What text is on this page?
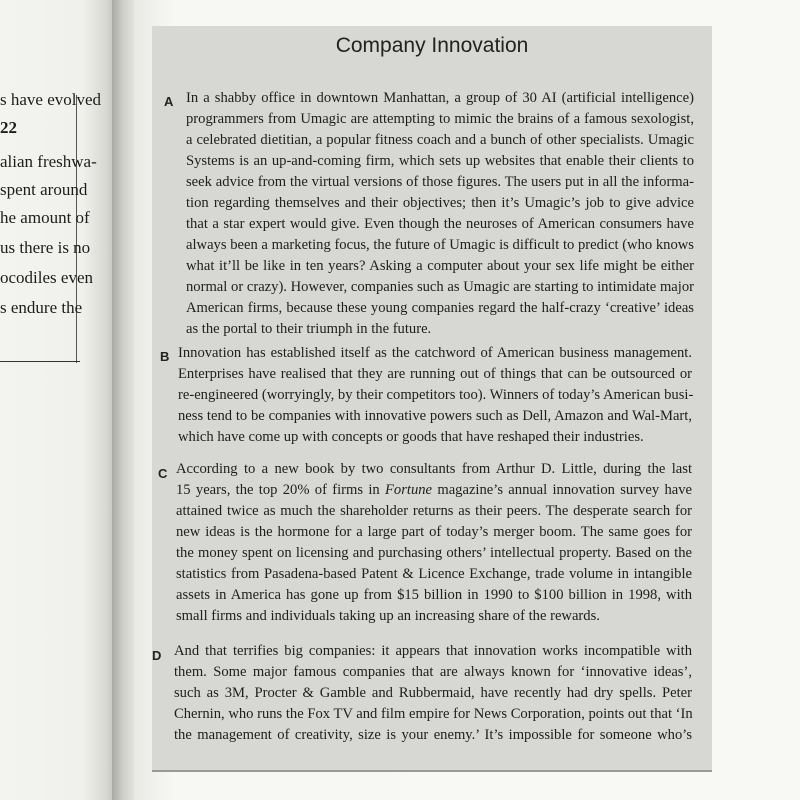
s have evolved
22
alian freshwa-
spent around
he amount of
us there is no
ocodiles even
s endure the
Company Innovation
A In a shabby office in downtown Manhattan, a group of 30 AI (artificial intelligence)
programmers from Umagic are attempting to mimic the brains of a famous sexologist,
a celebrated dietitian, a popular fitness coach and a bunch of other specialists. Umagic
Systems is an up-and-coming firm, which sets up websites that enable their clients to
seek advice from the virtual versions of those figures. The users put in all the informa-
tion regarding themselves and their objectives; then it’s Umagic’s job to give advice
that a star expert would give. Even though the neuroses of American consumers have
always been a marketing focus, the future of Umagic is difficult to predict (who knows
what it’ll be like in ten years? Asking a computer about your sex life might be either
normal or crazy). However, companies such as Umagic are starting to intimidate major
American firms, because these young companies regard the half-crazy ‘creative’ ideas
as the portal to their triumph in the future.
B Innovation has established itself as the catchword of American business management.
Enterprises have realised that they are running out of things that can be outsourced or
re-engineered (worryingly, by their competitors too). Winners of today’s American busi-
ness tend to be companies with innovative powers such as Dell, Amazon and Wal-Mart,
which have come up with concepts or goods that have reshaped their industries.
C According to a new book by two consultants from Arthur D. Little, during the last
15 years, the top 20% of firms in Fortune magazine’s annual innovation survey have
attained twice as much the shareholder returns as their peers. The desperate search for
new ideas is the hormone for a large part of today’s merger boom. The same goes for
the money spent on licensing and purchasing others’ intellectual property. Based on the
statistics from Pasadena-based Patent & Licence Exchange, trade volume in intangible
assets in America has gone up from $15 billion in 1990 to $100 billion in 1998, with
small firms and individuals taking up an increasing share of the rewards.
D And that terrifies big companies: it appears that innovation works incompatible with
them. Some major famous companies that are always known for ‘innovative ideas’,
such as 3M, Procter & Gamble and Rubbermaid, have recently had dry spells. Peter
Chernin, who runs the Fox TV and film empire for News Corporation, points out that ‘In
the management of creativity, size is your enemy.’ It’s impossible for someone who’s
